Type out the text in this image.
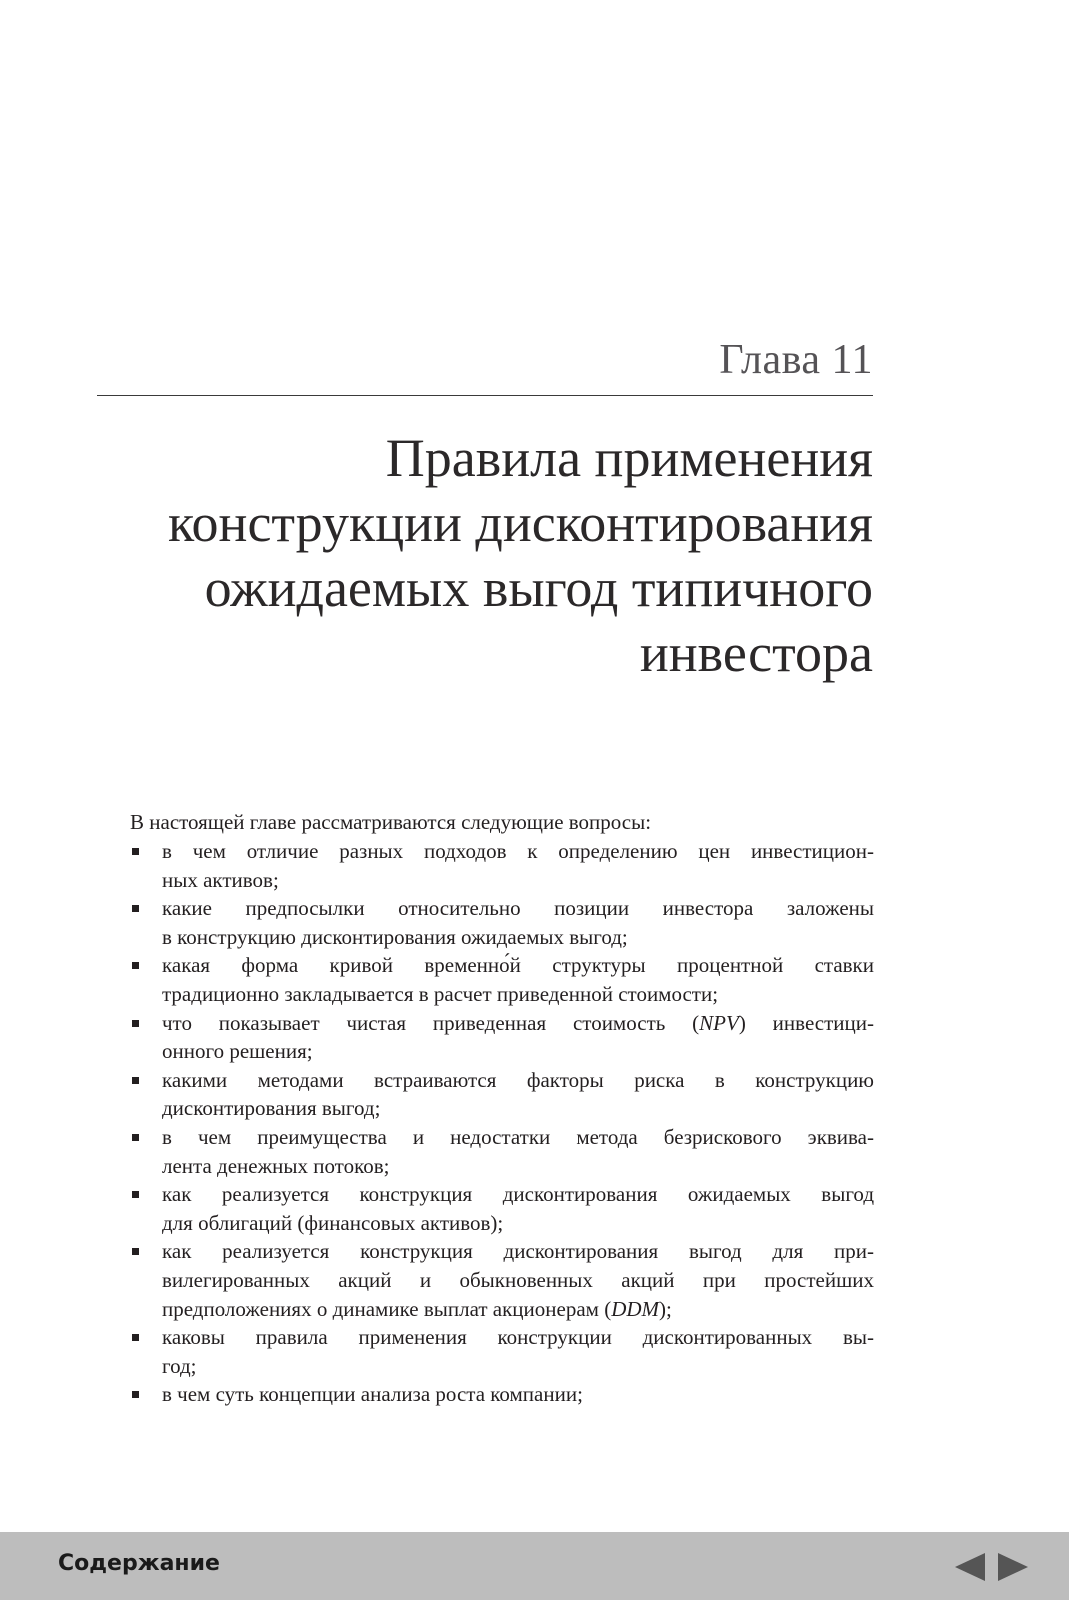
Глава 11
Правила применения
конструкции дисконтирования
ожидаемых выгод типичного
инвестора

В настоящей главе рассматриваются следующие вопросы:

в чем отличие разных подходов к определению цен инвестицион-
ных активов;
какие предпосылки относительно позиции инвестора заложены
в конструкцию дисконтирования ожидаемых выгод;
какая форма кривой временно́й структуры процентной ставки
традиционно закладывается в расчет приведенной стоимости;
что показывает чистая приведенная стоимость (NPV) инвестици-
онного решения;
какими методами встраиваются факторы риска в конструкцию
дисконтирования выгод;
в чем преимущества и недостатки метода безрискового эквива-
лента денежных потоков;
как реализуется конструкция дисконтирования ожидаемых выгод
для облигаций (финансовых активов);
как реализуется конструкция дисконтирования выгод для при-
вилегированных акций и обыкновенных акций при простейших
предположениях о динамике выплат акционерам (DDM);
каковы правила применения конструкции дисконтированных вы-
год;
в чем суть концепции анализа роста компании;
Содержание
